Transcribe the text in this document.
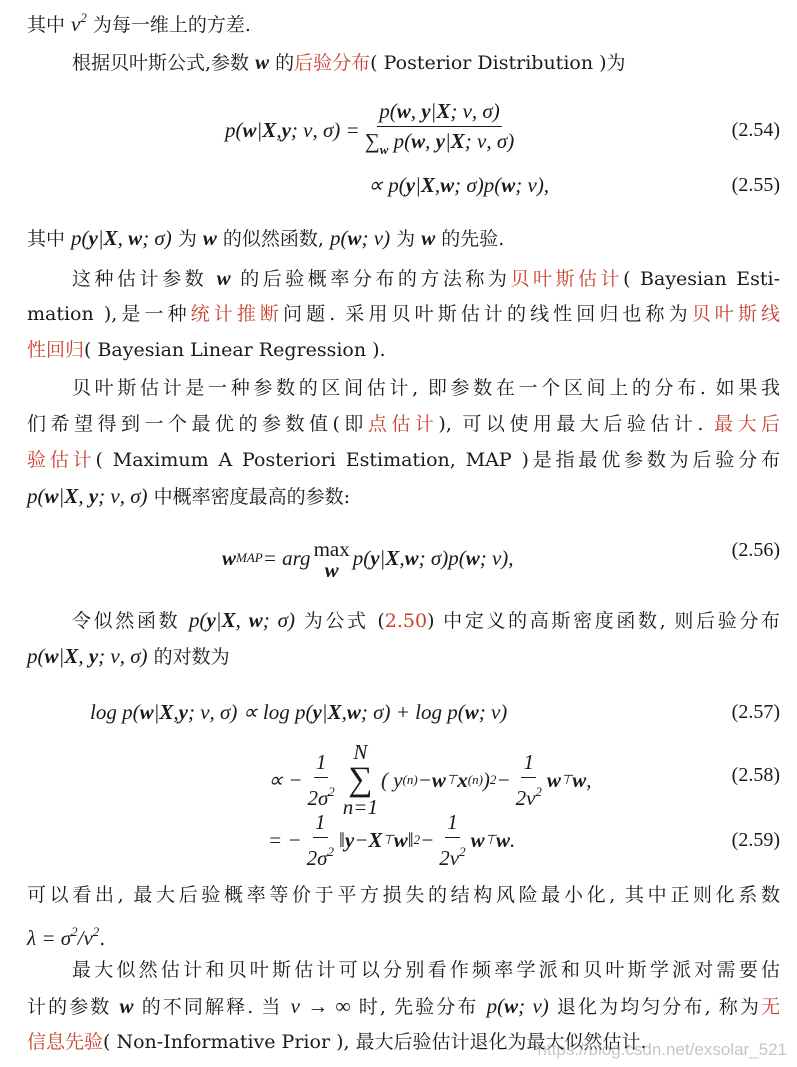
其中 $\nu^2$ 为每一维上的方差.
根据贝叶斯公式,参数 w 的后验分布( Posterior Distribution )为
其中 p(y|X, w; σ) 为 w 的似然函数, p(w; ν) 为 w 的先验.
这种估计参数 w 的后验概率分布的方法称为贝叶斯估计( Bayesian Esti-
mation ),是一种统计推断问题. 采用贝叶斯估计的线性回归也称为贝叶斯线
性回归( Bayesian Linear Regression ).
贝叶斯估计是一种参数的区间估计, 即参数在一个区间上的分布. 如果我
们希望得到一个最优的参数值(即点估计), 可以使用最大后验估计. 最大后
验估计( Maximum A Posteriori Estimation, MAP )是指最优参数为后验分布
p(w|X, y; ν, σ) 中概率密度最高的参数:
令似然函数 p(y|X, w; σ) 为公式 (2.50) 中定义的高斯密度函数, 则后验分布
p(w|X, y; ν, σ) 的对数为
可以看出, 最大后验概率等价于平方损失的结构风险最小化, 其中正则化系数
$\lambda = \sigma^2/\nu^2$.
最大似然估计和贝叶斯估计可以分别看作频率学派和贝叶斯学派对需要估
计的参数 w 的不同解释. 当 ν → ∞ 时, 先验分布 p(w; ν) 退化为均匀分布, 称为无
信息先验( Non-Informative Prior ), 最大后验估计退化为最大似然估计.
p( w | X , y ; ν, $\sigma) = \frac{p(w, y|X; \nu, \sigma)}{\sum_w p(w, y|X; \nu, \sigma)}$	(2.54)
∝ p( y | X , w ; σ)p( w ; ν),	(2.55)
w MAP = arg max
w
p( y | X , w ; σ)p( w ; ν),	(2.56)
log p( w | X , y ; ν, σ) ∝ log p( y | X , w ; σ) + log p( w ; ν)	(2.57)
∝ − $\frac{1}{2\sigma^2}$ N
∑
n=1
( y (n) − w ⊤ x (n) ) $2 - \frac{1}{2\nu^2}$ w ⊤ w ,	(2.58)
= − $\frac{1}{2\sigma^2}$ ‖ y − X ⊤ w ‖ $2 - \frac{1}{2\nu^2}$ w ⊤ w .	(2.59)
https://blog.csdn.net/exsolar_521
